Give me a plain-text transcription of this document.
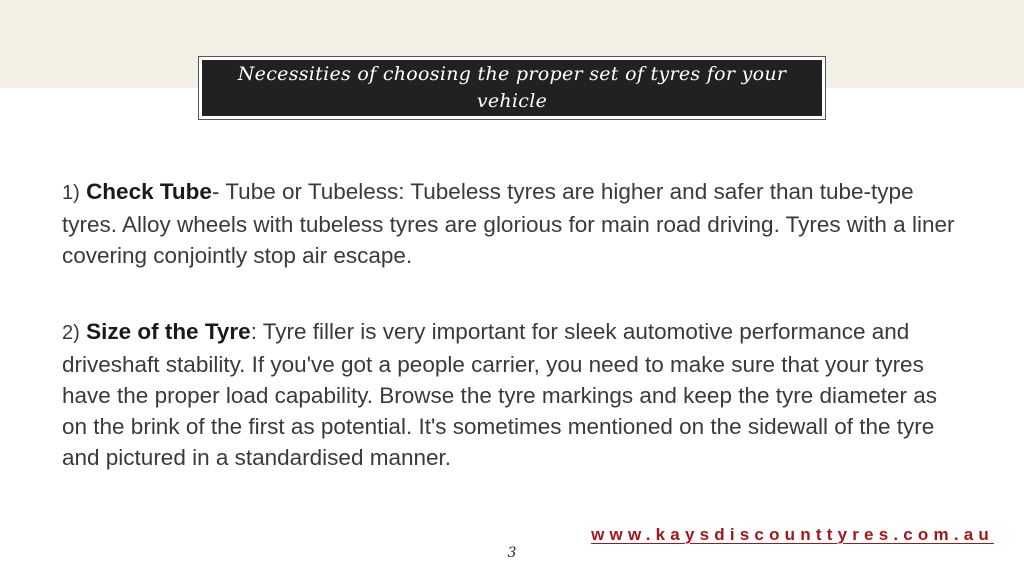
Necessities of choosing the proper set of tyres for your vehicle

1) Check Tube- Tube or Tubeless: Tubeless tyres are higher and safer than tube-type tyres. Alloy wheels with tubeless tyres are glorious for main road driving. Tyres with a liner covering conjointly stop air escape.

2) Size of the Tyre: Tyre filler is very important for sleek automotive performance and driveshaft stability. If you've got a people carrier, you need to make sure that your tyres have the proper load capability. Browse the tyre markings and keep the tyre diameter as on the brink of the first as potential. It's sometimes mentioned on the sidewall of the tyre and pictured in a standardised manner.

www.kaysdiscounttyres.com.au
3
